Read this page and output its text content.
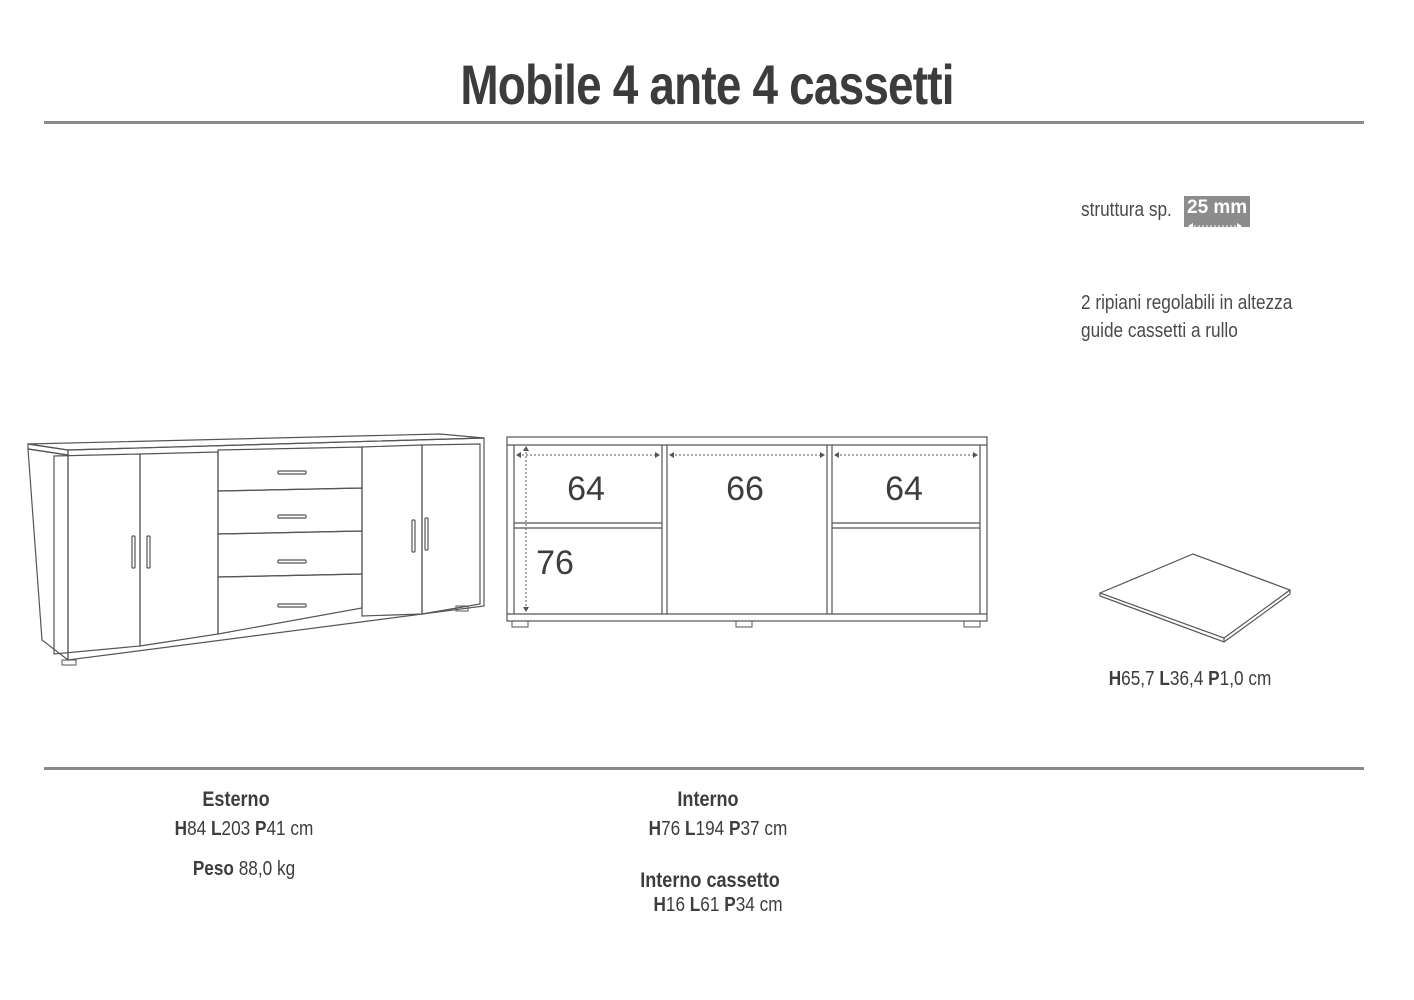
Mobile 4 ante 4 cassetti
struttura sp. 25 mm
2 ripiani regolabili in altezza
guide cassetti a rullo
64	66	64
76
H65,7 L36,4 P1,0 cm
Esterno
H84 L203 P41 cm
Peso 88,0 kg
Interno
H76 L194 P37 cm
Interno cassetto
H16 L61 P34 cm
